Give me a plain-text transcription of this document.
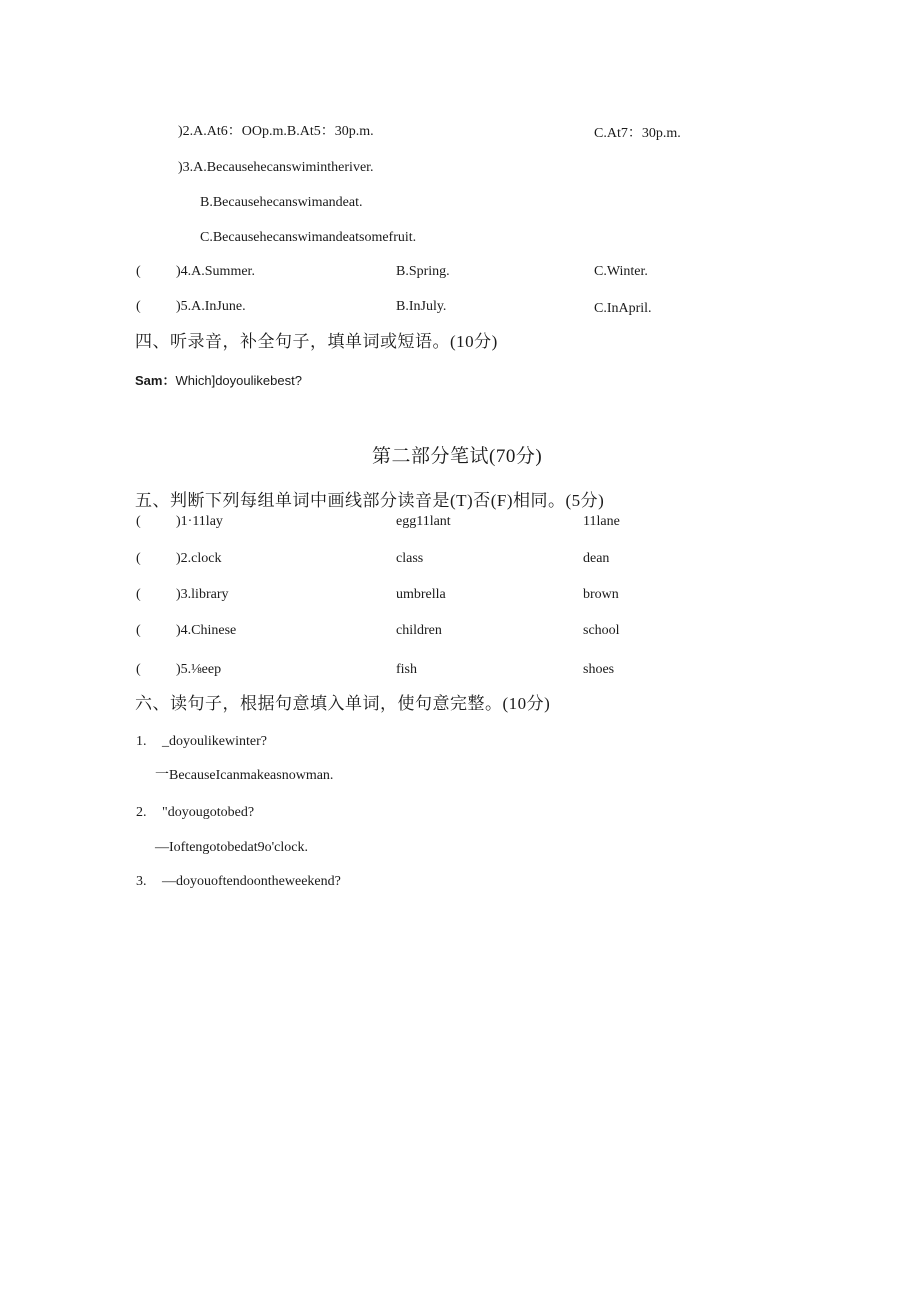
)2.A.At6：OOp.m.B.At5：30p.m.	C.At7：30p.m.
)3.A.Becausehecanswimintheriver.
B.Becausehecanswimandeat.
C.Becausehecanswimandeatsomefruit.
(	)4.A.Summer.	B.Spring.	C.Winter.
(	)5.A.InJune.	B.InJuly.	C.InApril.
四、听录音，补全句子，填单词或短语。(10分)
Sam：Which]doyoulikebest?
第二部分笔试(70分)
五、判断下列每组单词中画线部分读音是(T)否(F)相同。(5分)
(	)1·11lay	egg11lant	11lane
(	)2.clock	class	dean
(	)3.library	umbrella	brown
(	)4.Chinese	children	school
(	)5.⅛eep	fish	shoes
六、读句子，根据句意填入单词，使句意完整。(10分)
1. _doyoulikewinter?
一BecauseIcanmakeasnowman.
2. "doyougotobed?
—Ioftengotobedat9o'clock.
3. —doyouoftendoontheweekend?
